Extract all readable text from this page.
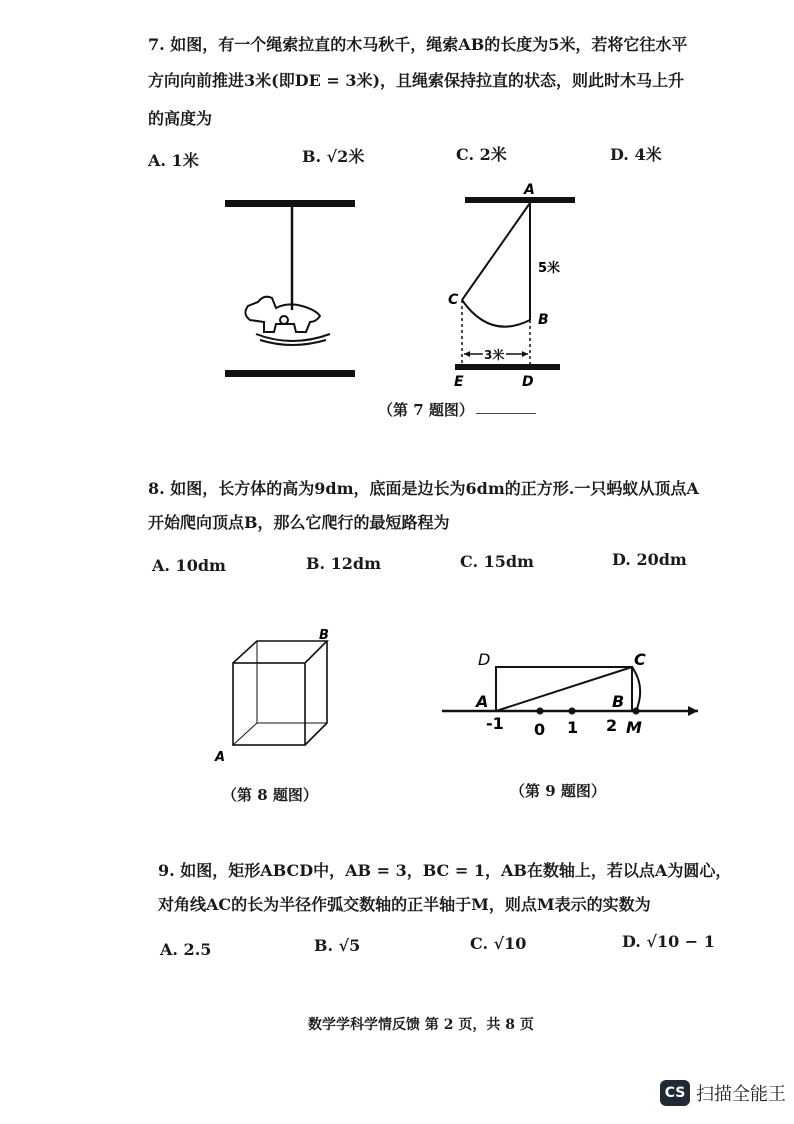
7. 如图，有一个绳索拉直的木马秋千，绳索AB的长度为5米，若将它往水平
方向向前推进3米(即DE = 3米)，且绳索保持拉直的状态，则此时木马上升
的高度为
A. 1米	B. √2米	C. 2米	D. 4米
A
C
B
5米
3米
E	D
（第 7 题图）
8. 如图，长方体的高为9dm，底面是边长为6dm的正方形.一只蚂蚁从顶点A
开始爬向顶点B，那么它爬行的最短路程为
A. 10dm	B. 12dm	C. 15dm	D. 20dm
B
A
（第 8 题图）
D	C
A	B
-1 0 1 2 M
（第 9 题图）
9. 如图，矩形ABCD中，AB = 3，BC = 1，AB在数轴上，若以点A为圆心，
对角线AC的长为半径作弧交数轴的正半轴于M，则点M表示的实数为
A. 2.5	B. √5	C. √10	D. √10 − 1
数学学科学情反馈 第 2 页，共 8 页
CS 扫描全能王
